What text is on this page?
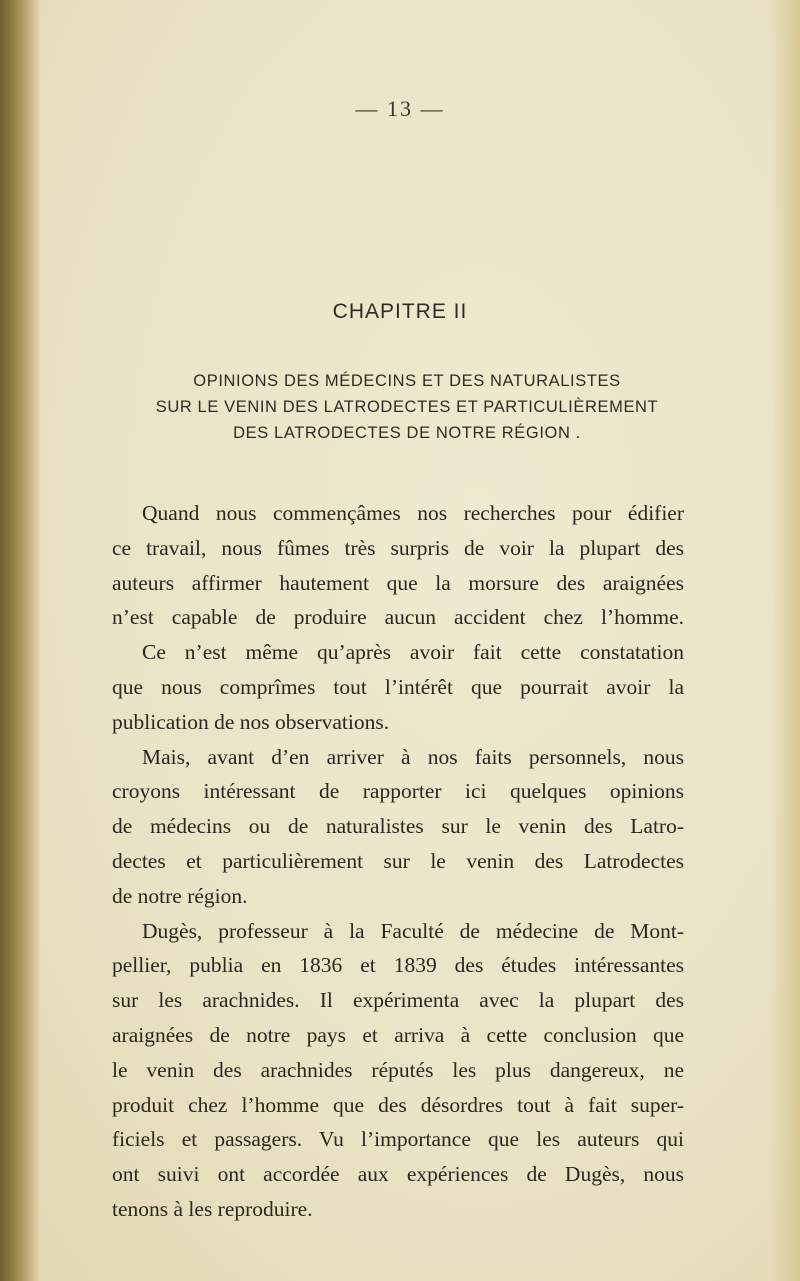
— 13 —
CHAPITRE II
OPINIONS DES MÉDECINS ET DES NATURALISTES
SUR LE VENIN DES LATRODECTES ET PARTICULIÈREMENT
DES LATRODECTES DE NOTRE RÉGION .
Quand nous commençâmes nos recherches pour édifier
ce travail, nous fûmes très surpris de voir la plupart des
auteurs affirmer hautement que la morsure des araignées
n’est capable de produire aucun accident chez l’homme.
Ce n’est même qu’après avoir fait cette constatation
que nous comprîmes tout l’intérêt que pourrait avoir la
publication de nos observations.
Mais, avant d’en arriver à nos faits personnels, nous
croyons intéressant de rapporter ici quelques opinions
de médecins ou de naturalistes sur le venin des Latro-
dectes et particulièrement sur le venin des Latrodectes
de notre région.
Dugès, professeur à la Faculté de médecine de Mont-
pellier, publia en 1836 et 1839 des études intéressantes
sur les arachnides. Il expérimenta avec la plupart des
araignées de notre pays et arriva à cette conclusion que
le venin des arachnides réputés les plus dangereux, ne
produit chez l’homme que des désordres tout à fait super-
ficiels et passagers. Vu l’importance que les auteurs qui
ont suivi ont accordée aux expériences de Dugès, nous
tenons à les reproduire.
